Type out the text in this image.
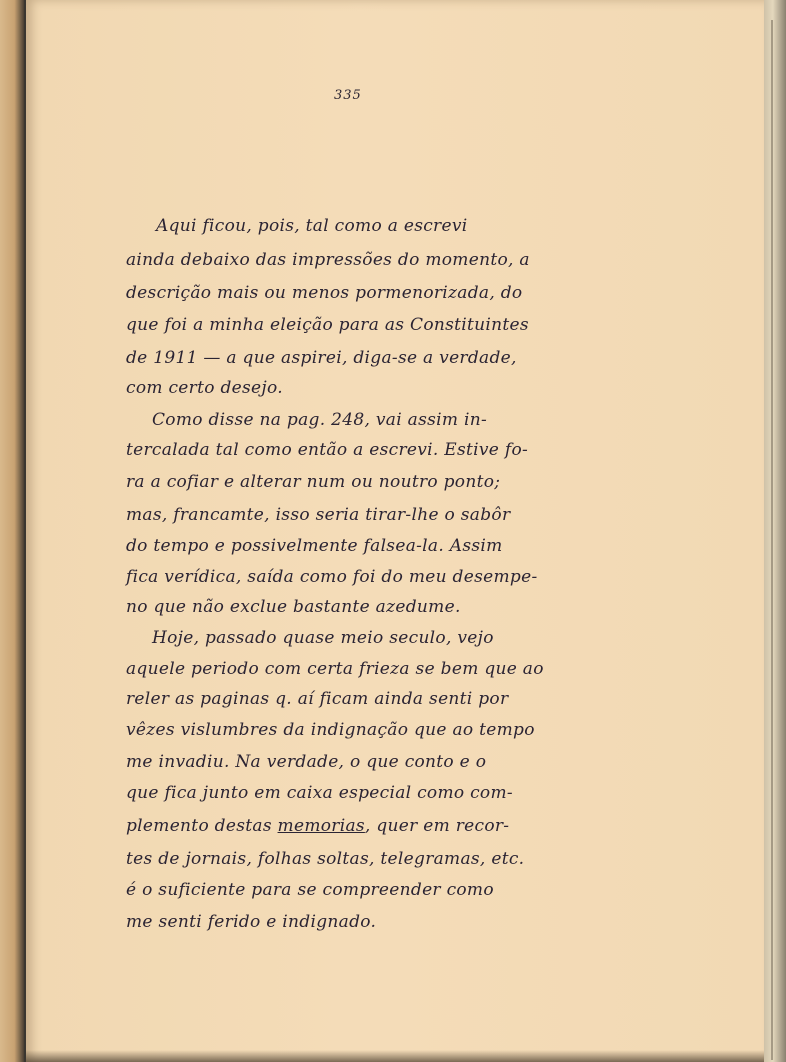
335
Aqui ficou, pois, tal como a escrevi
ainda debaixo das impressões do momento, a
descrição mais ou menos pormenorizada, do
que foi a minha eleição para as Constituintes
de 1911 — a que aspirei, diga-se a verdade,
com certo desejo.
Como disse na pag. 248, vai assim in-
tercalada tal como então a escrevi. Estive fo-
ra a cofiar e alterar num ou noutro ponto;
mas, francamte, isso seria tirar-lhe o sabôr
do tempo e possivelmente falsea-la. Assim
fica verídica, saída como foi do meu desempe-
no que não exclue bastante azedume.
Hoje, passado quase meio seculo, vejo
aquele periodo com certa frieza se bem que ao
reler as paginas q. aí ficam ainda senti por
vêzes vislumbres da indignação que ao tempo
me invadiu. Na verdade, o que conto e o
que fica junto em caixa especial como com-
plemento destas memorias, quer em recor-
tes de jornais, folhas soltas, telegramas, etc.
é o suficiente para se compreender como
me senti ferido e indignado.
